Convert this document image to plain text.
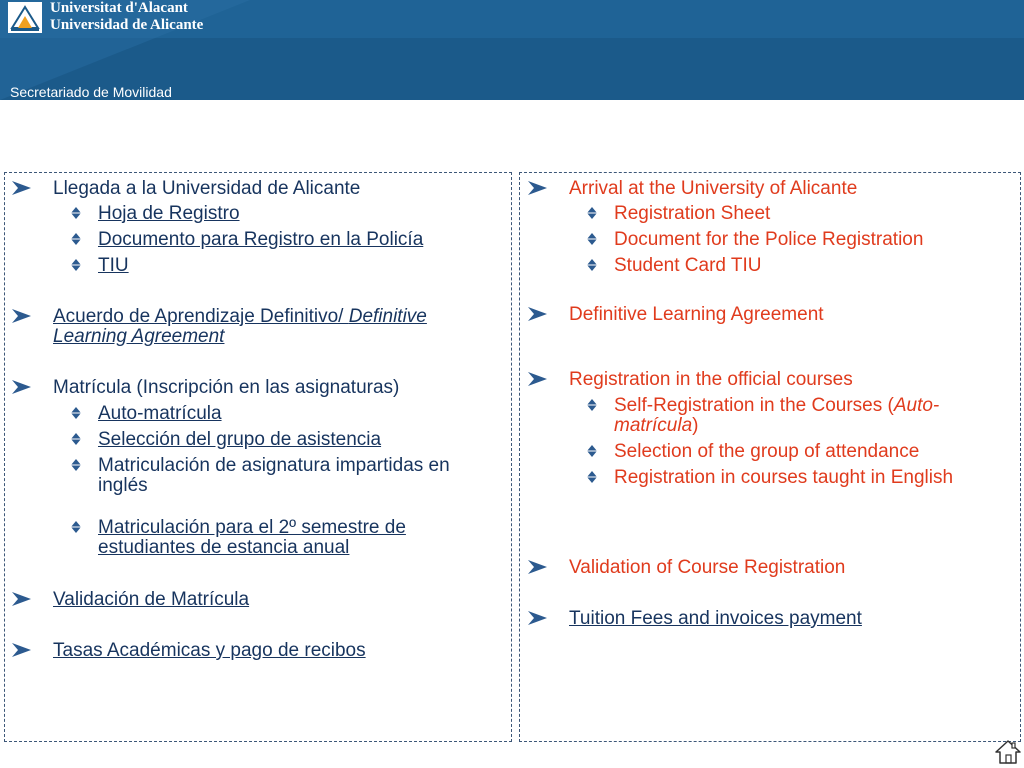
Universitat d'Alacant
Universidad de Alicante
Secretariado de Movilidad
Llegada a la Universidad de Alicante
Hoja de Registro
Documento para Registro en la Policía
TIU
Acuerdo de Aprendizaje Definitivo/ Definitive
Learning Agreement
Matrícula (Inscripción en las asignaturas)
Auto-matrícula
Selección del grupo de asistencia
Matriculación de asignatura impartidas en
inglés
Matriculación para el 2º semestre de
estudiantes de estancia anual
Validación de Matrícula
Tasas Académicas y pago de recibos
Arrival at the University of Alicante
Registration Sheet
Document for the Police Registration
Student Card TIU
Definitive Learning Agreement
Registration in the official courses
Self-Registration in the Courses (Auto-
matrícula)
Selection of the group of attendance
Registration in courses taught in English
Validation of Course Registration
Tuition Fees and invoices payment
